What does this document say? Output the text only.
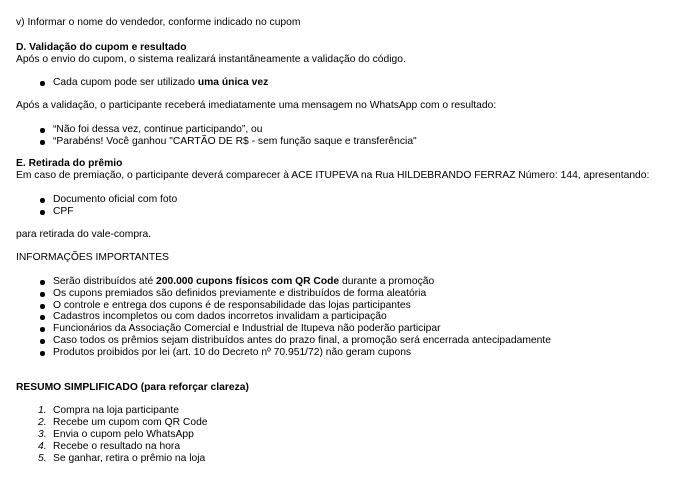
v) Informar o nome do vendedor, conforme indicado no cupom
D. Validação do cupom e resultado
Após o envio do cupom, o sistema realizará instantâneamente a validação do código.
Cada cupom pode ser utilizado uma única vez
Após a validação, o participante receberá imediatamente uma mensagem no WhatsApp com o resultado:
“Não foi dessa vez, continue participando”, ou
“Parabéns! Você ganhou "CARTÃO DE R$ - sem função saque e transferência"
E. Retirada do prêmio
Em caso de premiação, o participante deverá comparecer à ACE ITUPEVA na Rua HILDEBRANDO FERRAZ Número: 144, apresentando:
Documento oficial com foto
CPF
para retirada do vale-compra.
INFORMAÇÕES IMPORTANTES
Serão distribuídos até 200.000 cupons físicos com QR Code durante a promoção
Os cupons premiados são definidos previamente e distribuídos de forma aleatória
O controle e entrega dos cupons é de responsabilidade das lojas participantes
Cadastros incompletos ou com dados incorretos invalidam a participação
Funcionários da Associação Comercial e Industrial de Itupeva não poderão participar
Caso todos os prêmios sejam distribuídos antes do prazo final, a promoção será encerrada antecipadamente
Produtos proibidos por lei (art. 10 do Decreto nº 70.951/72) não geram cupons
RESUMO SIMPLIFICADO (para reforçar clareza)
1. Compra na loja participante
2. Recebe um cupom com QR Code
3. Envia o cupom pelo WhatsApp
4. Recebe o resultado na hora
5. Se ganhar, retira o prêmio na loja
